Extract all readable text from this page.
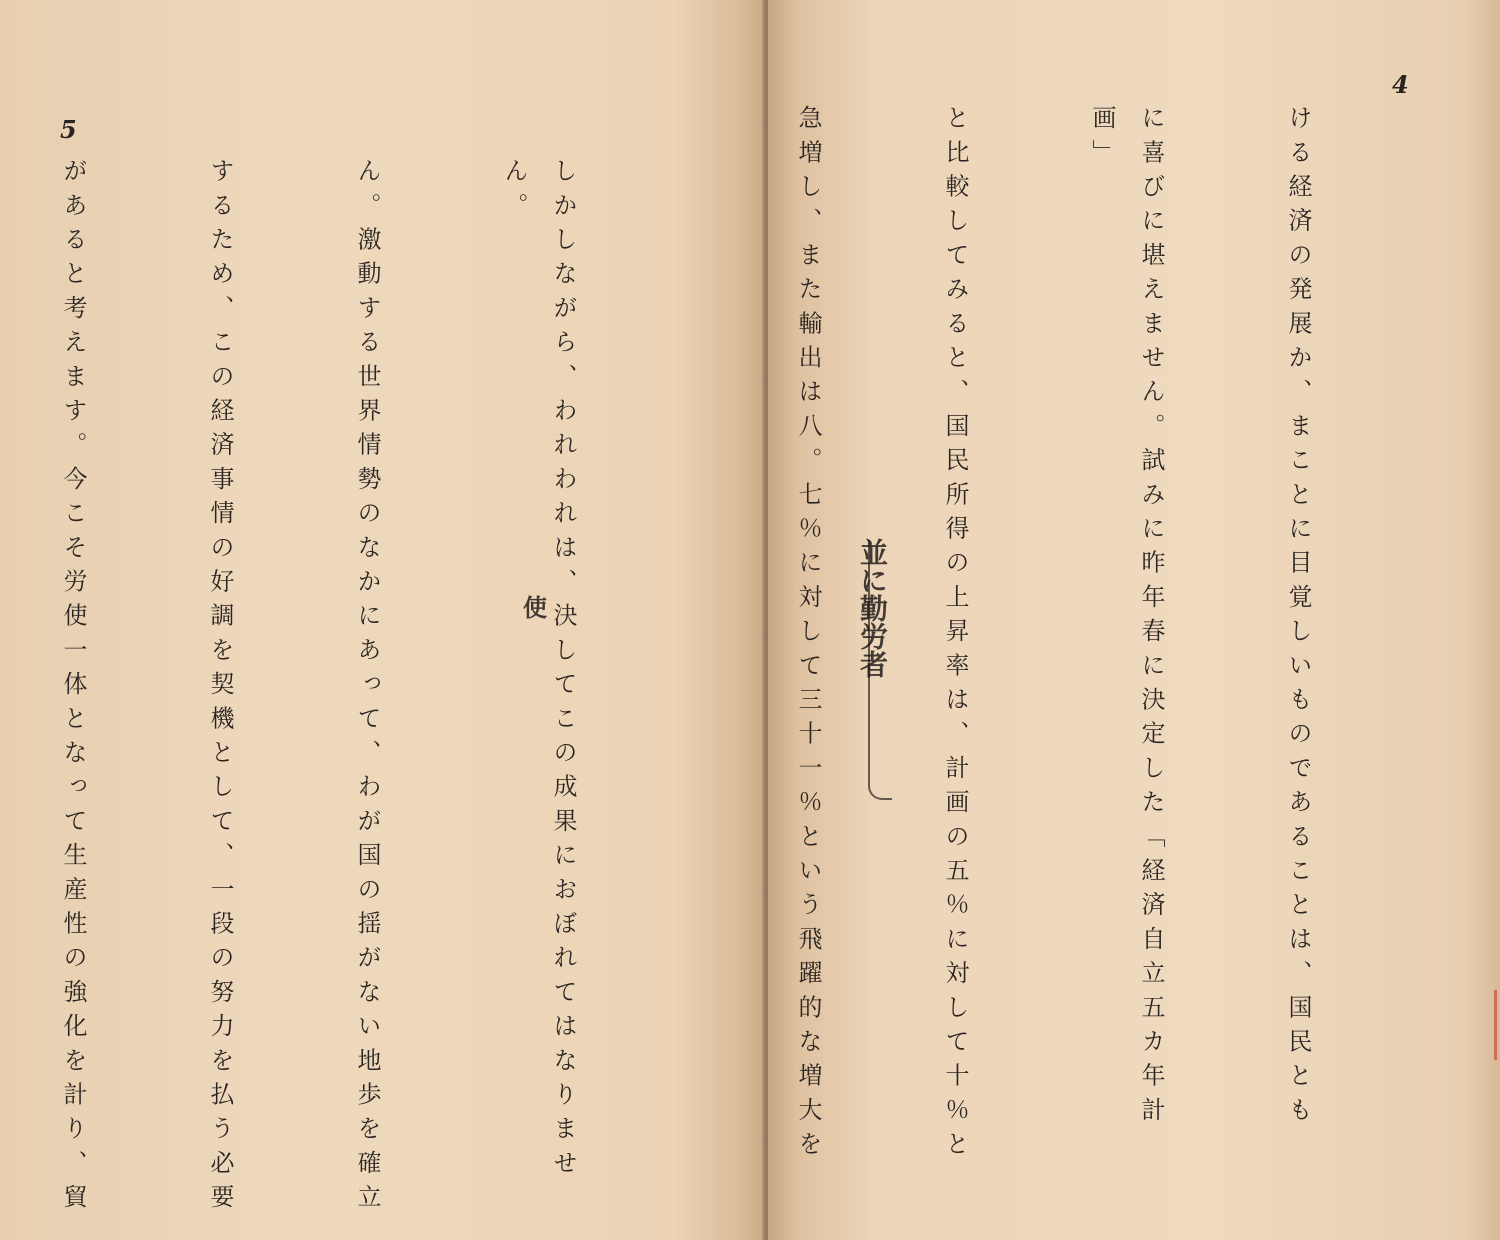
5

しかしながら、われわれは、決してこの成果におぼれてはなりません。

ん。激動する世界情勢のなかにあって、わが国の揺がない地歩を確立

するため、この経済事情の好調を契機として、一段の努力を払う必要

があると考えます。今こそ労使一体となって生産性の強化を計り、貿

	使
4

ける経済の発展か、まことに目覚しいものであることは、国民とも

に喜びに堪えません。試みに昨年春に決定した「経済自立五カ年計画」

と比較してみると、国民所得の上昇率は、計画の五％に対して十％と

急増し、また輸出は八。七％に対して三十一％という飛躍的な増大を

	並に勤労者
